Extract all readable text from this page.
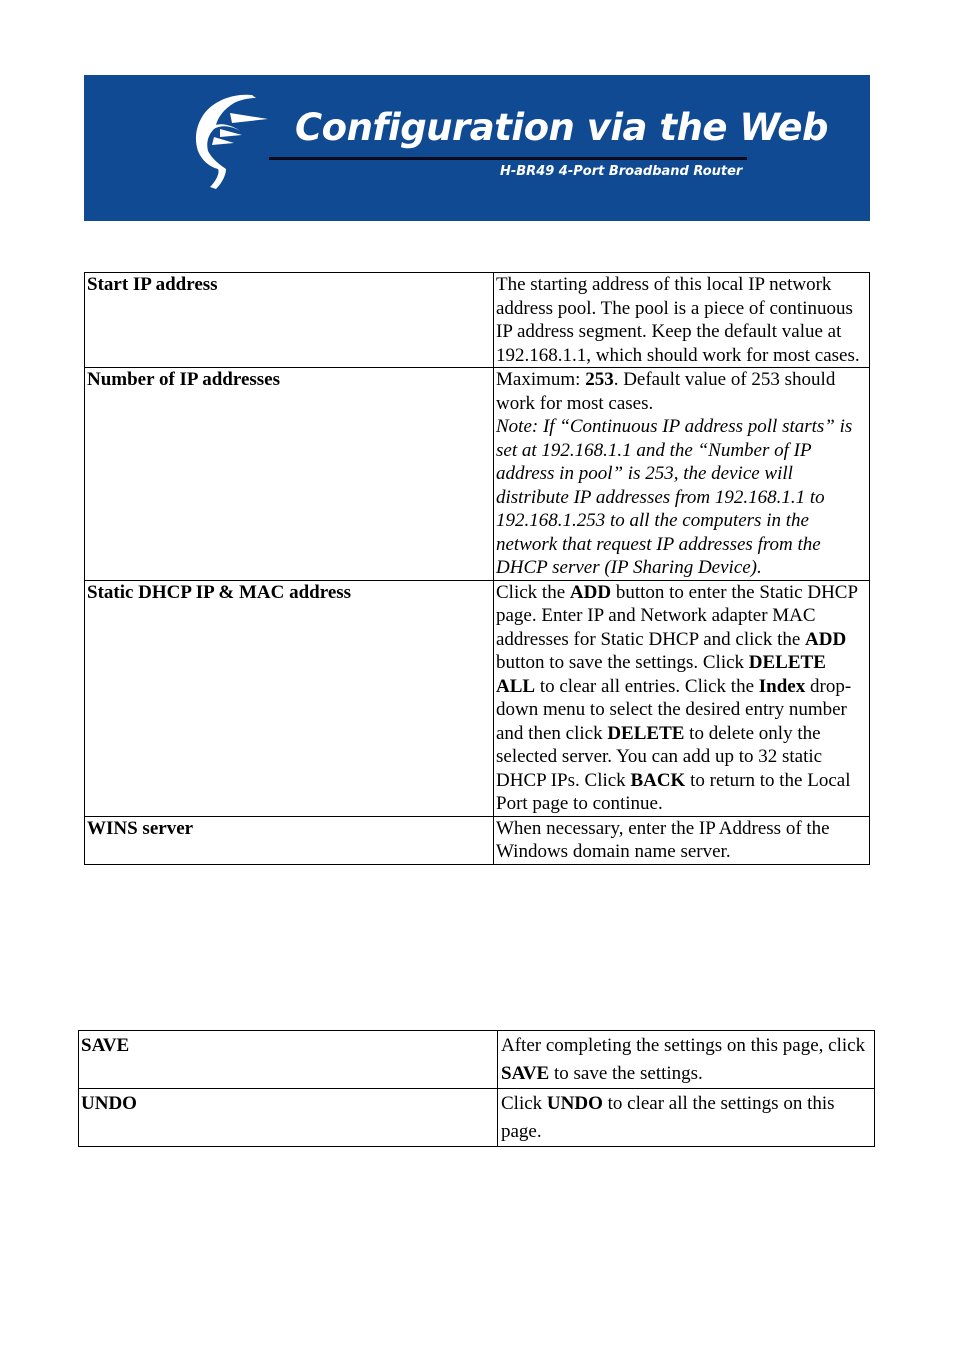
Configuration via the Web
H-BR49 4-Port Broadband Router
Start IP address	The starting address of this local IP network address pool. The pool is a piece of continuous IP address segment. Keep the default value at 192.168.1.1, which should work for most cases.
Number of IP addresses	Maximum: 253. Default value of 253 should work for most cases.
Note: If “Continuous IP address poll starts” is set at 192.168.1.1 and the “Number of IP address in pool” is 253, the device will distribute IP addresses from 192.168.1.1 to 192.168.1.253 to all the computers in the network that request IP addresses from the DHCP server (IP Sharing Device).
Static DHCP IP & MAC address	Click the ADD button to enter the Static DHCP page. Enter IP and Network adapter MAC addresses for Static DHCP and click the ADD button to save the settings. Click DELETE ALL to clear all entries. Click the Index drop-down menu to select the desired entry number and then click DELETE to delete only the selected server. You can add up to 32 static DHCP IPs. Click BACK to return to the Local Port page to continue.
WINS server	When necessary, enter the IP Address of the Windows domain name server.
SAVE	After completing the settings on this page, click SAVE to save the settings.
UNDO	Click UNDO to clear all the settings on this page.
